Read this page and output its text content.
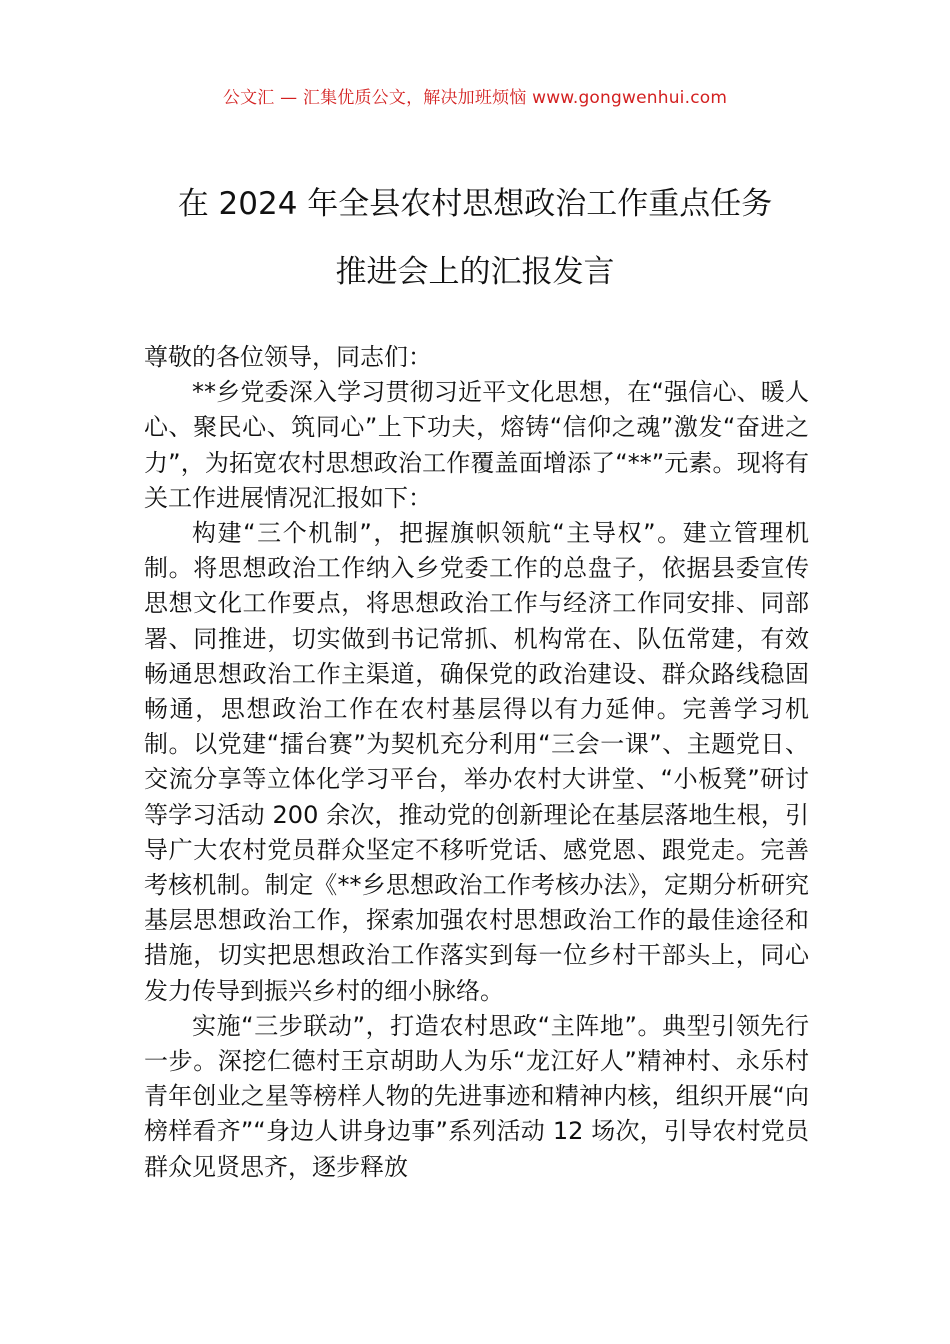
公文汇 — 汇集优质公文，解决加班烦恼 www.gongwenhui.com
在 2024 年全县农村思想政治工作重点任务
推进会上的汇报发言

尊敬的各位领导，同志们：

**乡党委深入学习贯彻习近平文化思想，在“强信心、暖人心、聚民心、筑同心”上下功夫，熔铸“信仰之魂”激发“奋进之力”，为拓宽农村思想政治工作覆盖面增添了“**”元素。现将有关工作进展情况汇报如下：

构建“三个机制”，把握旗帜领航“主导权”。建立管理机制。将思想政治工作纳入乡党委工作的总盘子，依据县委宣传思想文化工作要点，将思想政治工作与经济工作同安排、同部署、同推进，切实做到书记常抓、机构常在、队伍常建，有效畅通思想政治工作主渠道，确保党的政治建设、群众路线稳固畅通，思想政治工作在农村基层得以有力延伸。完善学习机制。以党建“擂台赛”为契机充分利用“三会一课”、主题党日、交流分享等立体化学习平台，举办农村大讲堂、“小板凳”研讨等学习活动 200 余次，推动党的创新理论在基层落地生根，引导广大农村党员群众坚定不移听党话、感党恩、跟党走。完善考核机制。制定《**乡思想政治工作考核办法》，定期分析研究基层思想政治工作，探索加强农村思想政治工作的最佳途径和措施，切实把思想政治工作落实到每一位乡村干部头上，同心发力传导到振兴乡村的细小脉络。

实施“三步联动”，打造农村思政“主阵地”。典型引领先行一步。深挖仁德村王京胡助人为乐“龙江好人”精神村、永乐村青年创业之星等榜样人物的先进事迹和精神内核，组织开展“向榜样看齐”“身边人讲身边事”系列活动 12 场次，引导农村党员群众见贤思齐，逐步释放
